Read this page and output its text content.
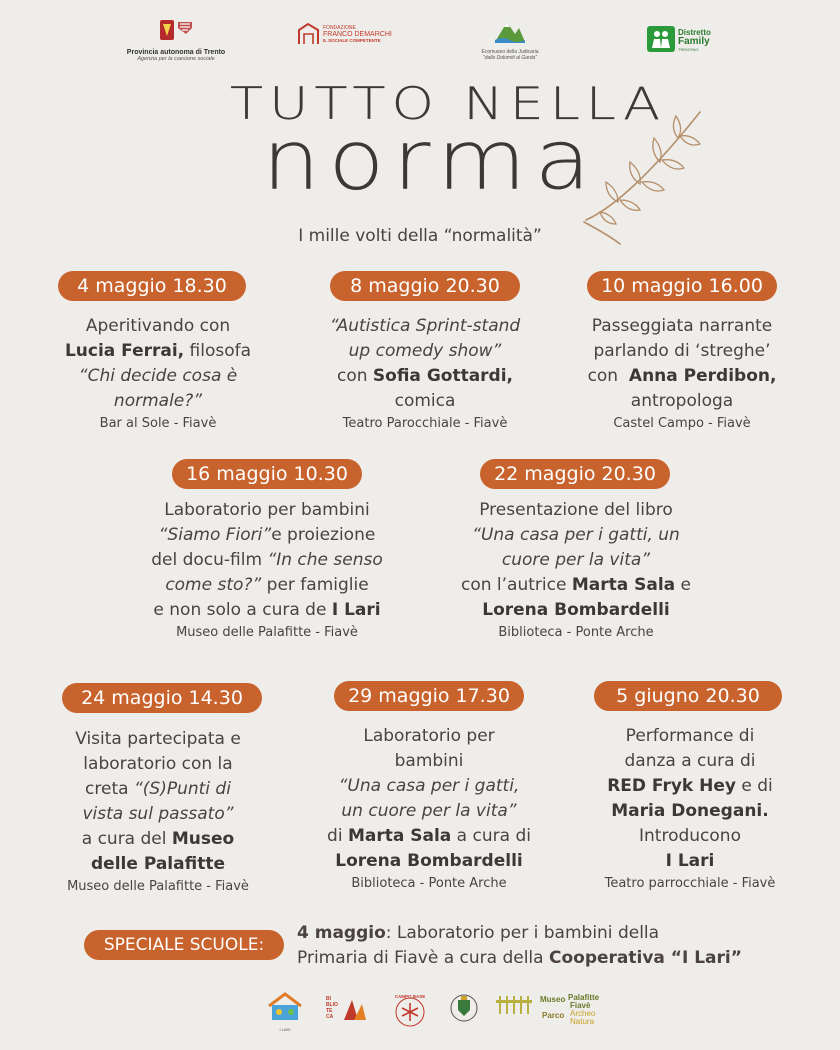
Provincia autonoma di Trento
Agenzia per la coesione sociale
FONDAZIONE
FRANCO DEMARCHI
IL SOCIALE COMPETENTE
Ecomuseo della Judicaria
"dalle Dolomiti al Garda"
Distretto
Family
TRENTINO
TUTTO NELLA
norma
I mille volti della “normalità”
4 maggio 18.30
Aperitivando con
Lucia Ferrai, filosofa
“Chi decide cosa è
normale?”
Bar al Sole - Fiavè
8 maggio 20.30
“Autistica Sprint-stand
up comedy show”
con Sofia Gottardi,
comica
Teatro Parocchiale - Fiavè
10 maggio 16.00
Passeggiata narrante
parlando di ‘streghe’
con  Anna Perdibon,
antropologa
Castel Campo - Fiavè
16 maggio 10.30
Laboratorio per bambini
“Siamo Fiori”e proiezione
del docu-film “In che senso
come sto?” per famiglie
e non solo a cura de I Lari
Museo delle Palafitte - Fiavè
22 maggio 20.30
Presentazione del libro
“Una casa per i gatti, un
cuore per la vita”
con l’autrice Marta Sala e
Lorena Bombardelli
Biblioteca - Ponte Arche
24 maggio 14.30
Visita partecipata e
laboratorio con la
creta “(S)Punti di
vista sul passato”
a cura del Museo
delle Palafitte
Museo delle Palafitte - Fiavè
29 maggio 17.30
Laboratorio per
bambini
“Una casa per i gatti,
un cuore per la vita”
di Marta Sala a cura di
Lorena Bombardelli
Biblioteca - Ponte Arche
5 giugno 20.30
Performance di
danza a cura di
RED Fryk Hey e di
Maria Donegani.
Introducono
I Lari
Teatro parrocchiale - Fiavè
SPECIALE SCUOLE:
4 maggio: Laboratorio per i bambini della
Primaria di Fiavè a cura della Cooperativa “I Lari”
I LARI
BI
BLIO
TE
CA
CAMPO BASE	Museo Palafitte
Fiavè
Parco Archeo
Natura
